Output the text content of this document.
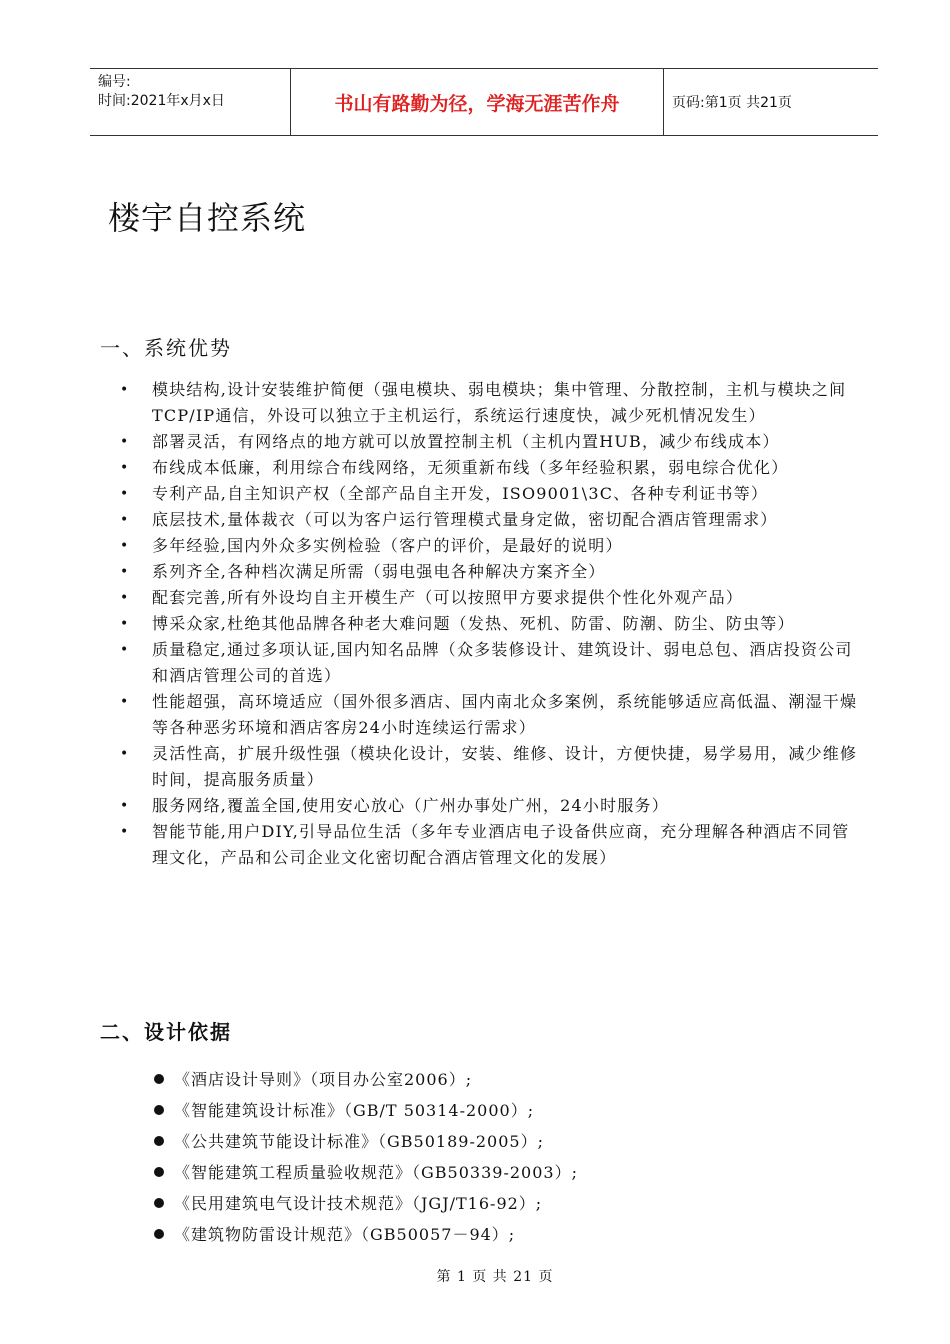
编号:
时间:2021年x月x日	书山有路勤为径，学海无涯苦作舟	页码:第1页 共21页
楼宇自控系统
一、系统优势
• 模块结构,设计安装维护简便（强电模块、弱电模块；集中管理、分散控制，主机与模块之间TCP/IP通信，外设可以独立于主机运行，系统运行速度快，减少死机情况发生）
• 部署灵活，有网络点的地方就可以放置控制主机（主机内置HUB，减少布线成本）
• 布线成本低廉，利用综合布线网络，无须重新布线（多年经验积累，弱电综合优化）
• 专利产品,自主知识产权（全部产品自主开发，ISO9001\3C、各种专利证书等）
• 底层技术,量体裁衣（可以为客户运行管理模式量身定做，密切配合酒店管理需求）
• 多年经验,国内外众多实例检验（客户的评价，是最好的说明）
• 系列齐全,各种档次满足所需（弱电强电各种解决方案齐全）
• 配套完善,所有外设均自主开模生产（可以按照甲方要求提供个性化外观产品）
• 博采众家,杜绝其他品牌各种老大难问题（发热、死机、防雷、防潮、防尘、防虫等）
• 质量稳定,通过多项认证,国内知名品牌（众多装修设计、建筑设计、弱电总包、酒店投资公司和酒店管理公司的首选）
• 性能超强，高环境适应（国外很多酒店、国内南北众多案例，系统能够适应高低温、潮湿干燥等各种恶劣环境和酒店客房24小时连续运行需求）
• 灵活性高，扩展升级性强（模块化设计，安装、维修、设计，方便快捷，易学易用，减少维修时间，提高服务质量）
• 服务网络,覆盖全国,使用安心放心（广州办事处广州，24小时服务）
• 智能节能,用户DIY,引导品位生活（多年专业酒店电子设备供应商，充分理解各种酒店不同管理文化，产品和公司企业文化密切配合酒店管理文化的发展）
二、设计依据
《酒店设计导则》（项目办公室2006）;
《智能建筑设计标准》（GB/T 50314-2000）;
《公共建筑节能设计标准》（GB50189-2005）;
《智能建筑工程质量验收规范》（GB50339-2003）;
《民用建筑电气设计技术规范》（JGJ/T16-92）;
《建筑物防雷设计规范》（GB50057－94）;
第 1 页 共 21 页
